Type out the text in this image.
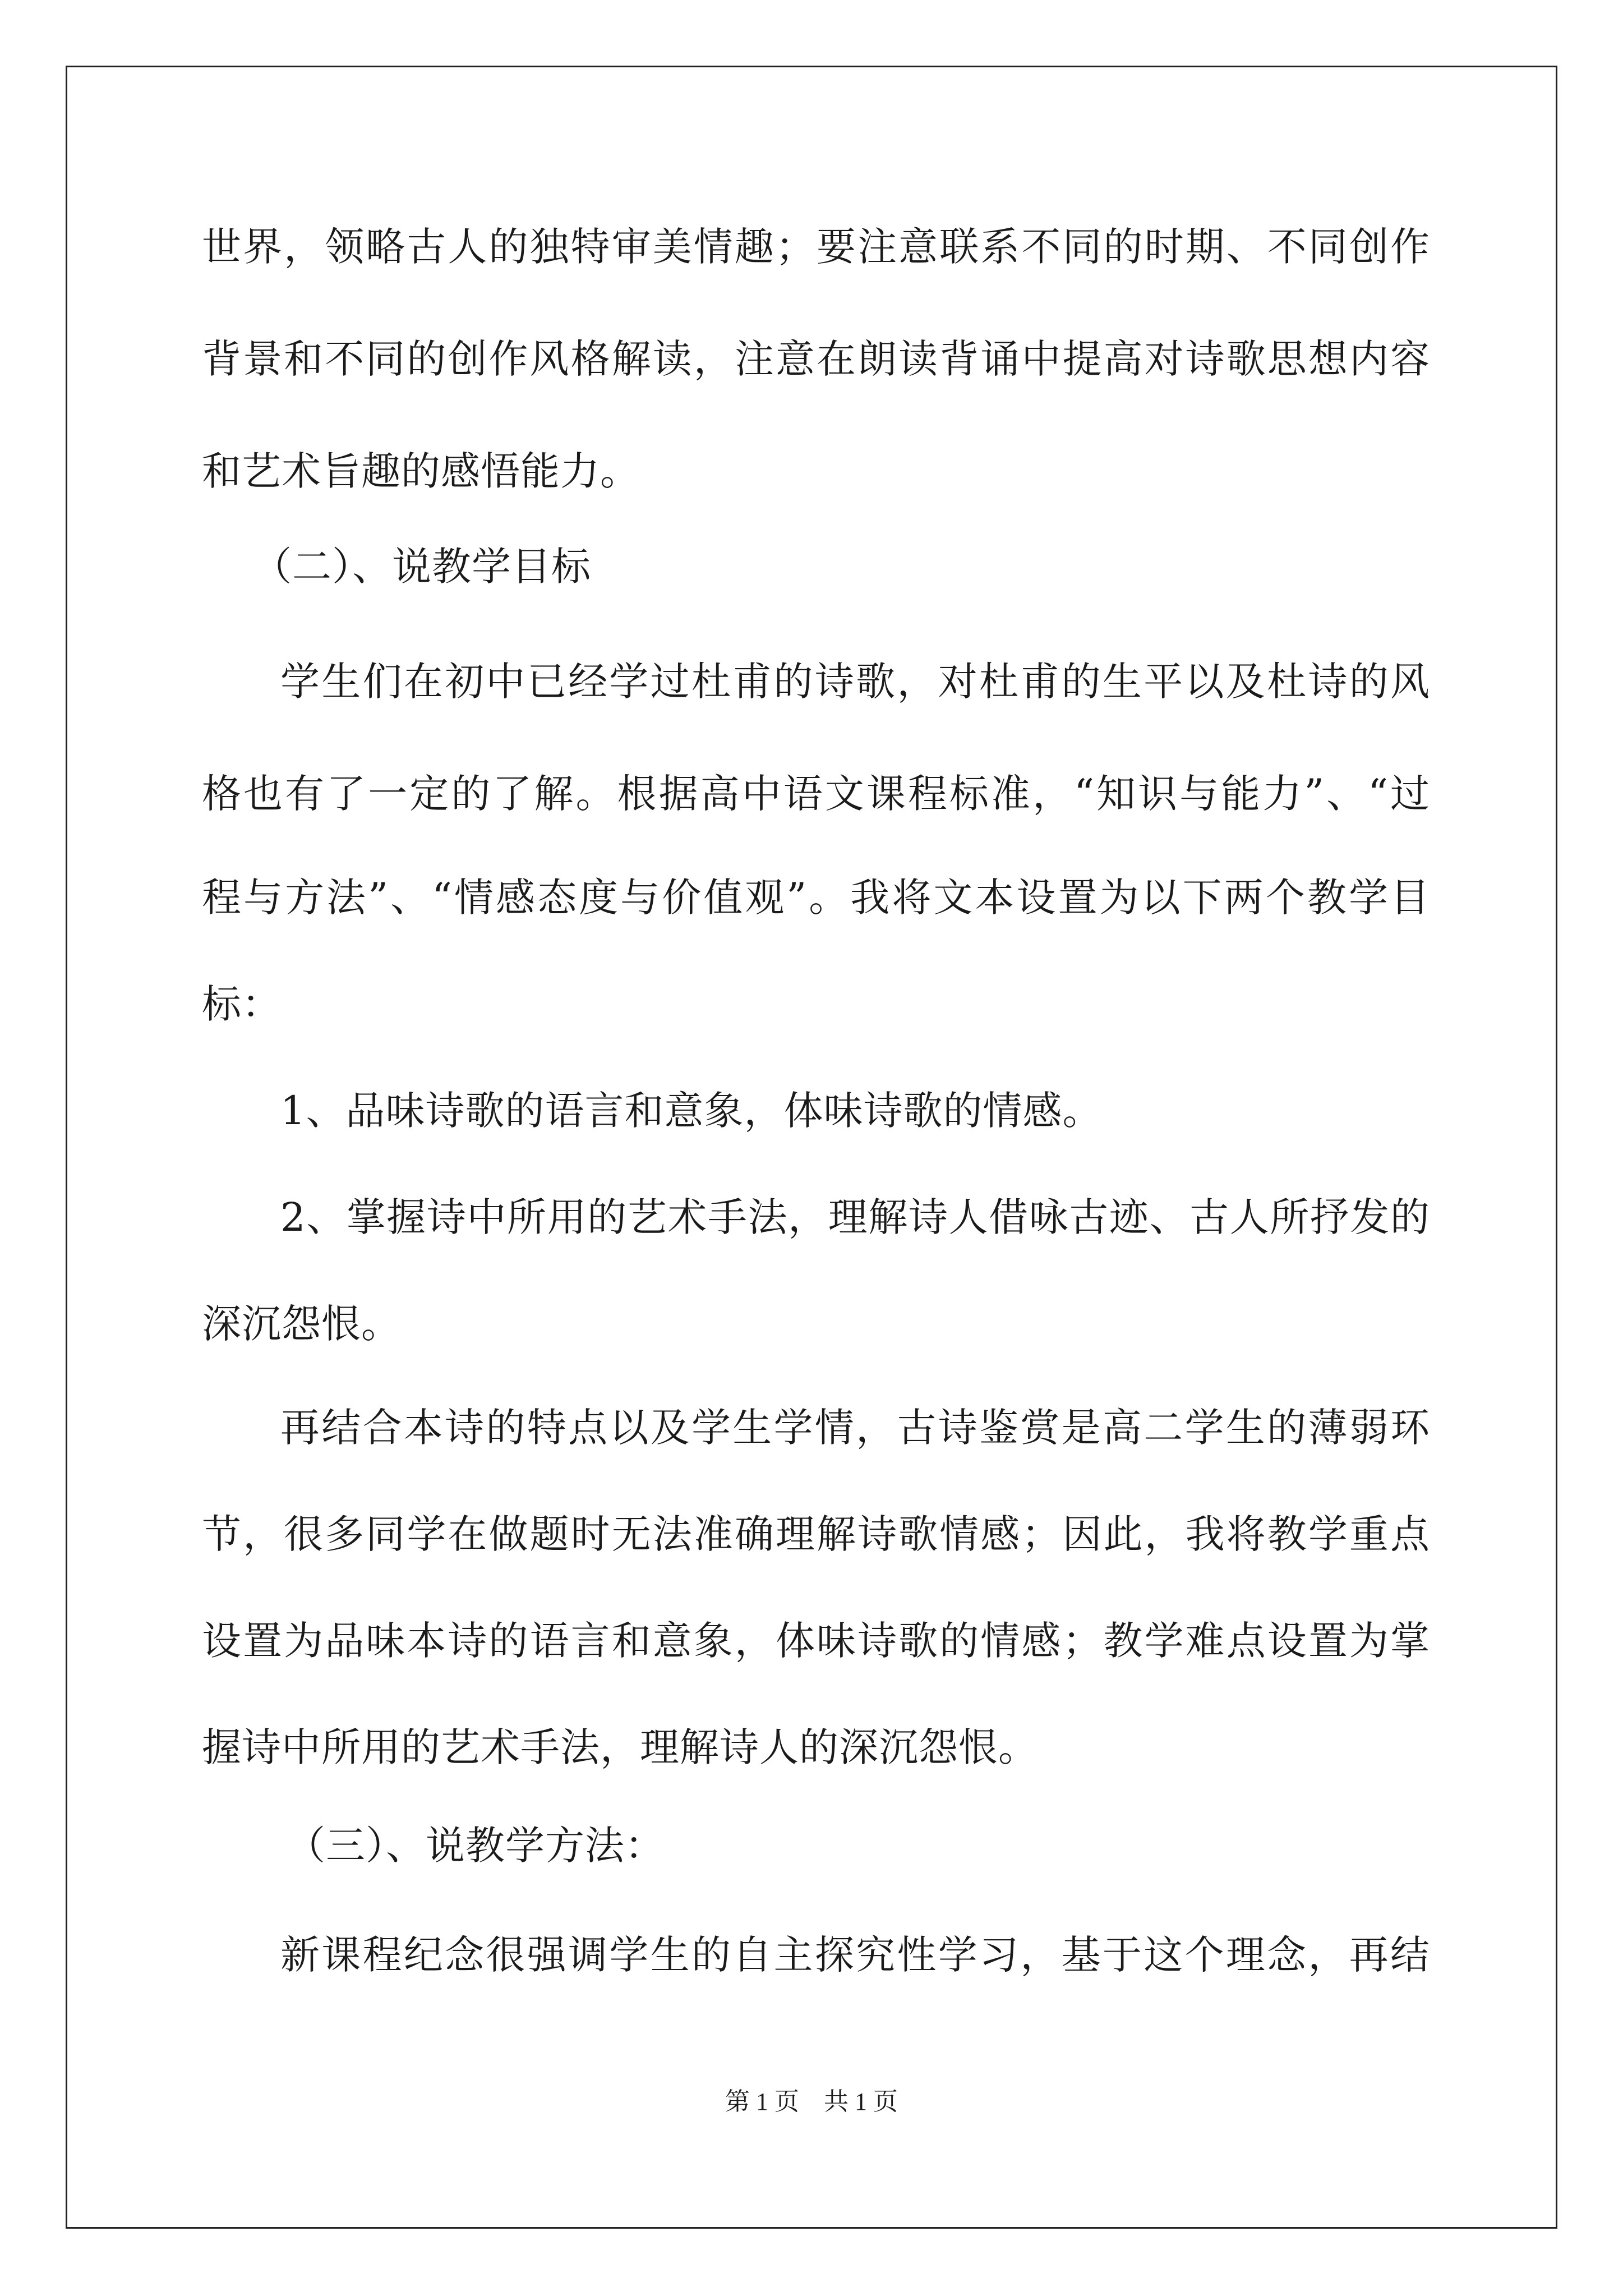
世界，领略古人的独特审美情趣；要注意联系不同的时期、不同创作
背景和不同的创作风格解读，注意在朗读背诵中提高对诗歌思想内容
和艺术旨趣的感悟能力。
（二）、说教学目标
学生们在初中已经学过杜甫的诗歌，对杜甫的生平以及杜诗的风
格也有了一定的了解。根据高中语文课程标准，“知识与能力”、“过
程与方法”、“情感态度与价值观”。我将文本设置为以下两个教学目
标：
1、品味诗歌的语言和意象，体味诗歌的情感。
2、掌握诗中所用的艺术手法，理解诗人借咏古迹、古人所抒发的
深沉怨恨。
再结合本诗的特点以及学生学情，古诗鉴赏是高二学生的薄弱环
节，很多同学在做题时无法准确理解诗歌情感；因此，我将教学重点
设置为品味本诗的语言和意象，体味诗歌的情感；教学难点设置为掌
握诗中所用的艺术手法，理解诗人的深沉怨恨。
（三）、说教学方法：
新课程纪念很强调学生的自主探究性学习，基于这个理念，再结
第 1 页　共 1 页
